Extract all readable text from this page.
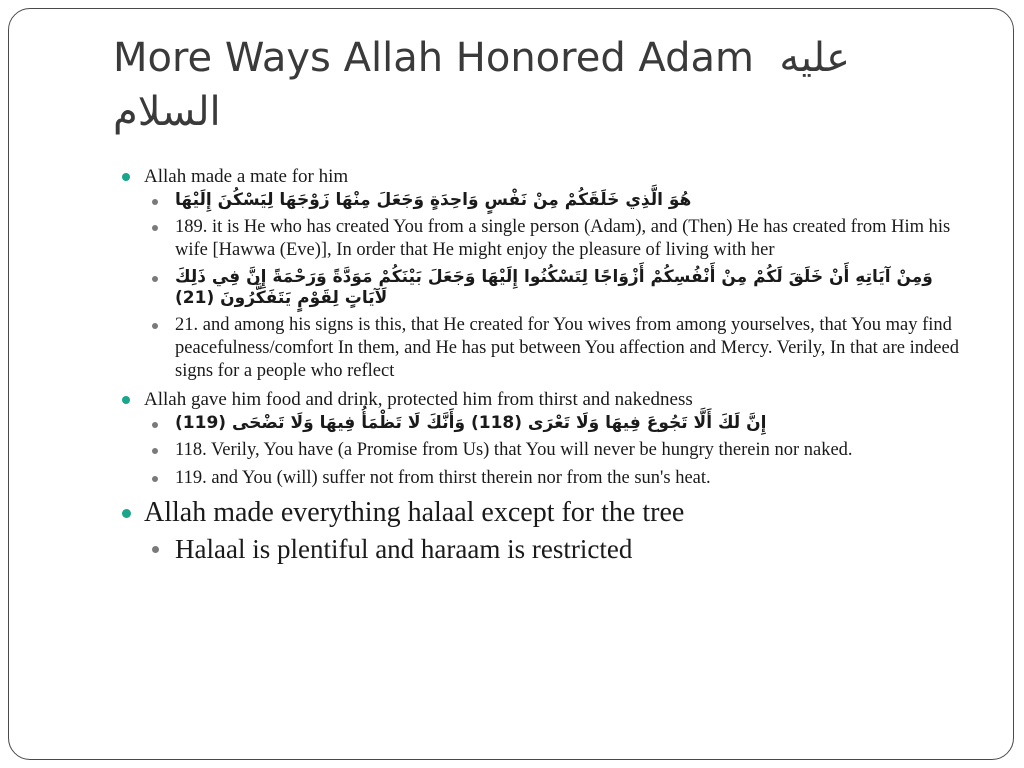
More Ways Allah Honored Adam عليه
السلام
Allah made a mate for him
هُوَ الَّذِي خَلَقَكُمْ مِنْ نَفْسٍ وَاحِدَةٍ وَجَعَلَ مِنْهَا زَوْجَهَا لِيَسْكُنَ إِلَيْهَا
189. it is He who has created You from a single person (Adam), and (Then) He has created from Him his wife [Hawwa (Eve)], In order that He might enjoy the pleasure of living with her
وَمِنْ آيَاتِهِ أَنْ خَلَقَ لَكُمْ مِنْ أَنْفُسِكُمْ أَزْوَاجًا لِتَسْكُنُوا إِلَيْهَا وَجَعَلَ بَيْنَكُمْ مَوَدَّةً وَرَحْمَةً إِنَّ فِي ذَلِكَ لَآيَاتٍ لِقَوْمٍ يَتَفَكَّرُونَ (21)
21. and among his signs is this, that He created for You wives from among yourselves, that You may find peacefulness/comfort In them, and He has put between You affection and Mercy. Verily, In that are indeed signs for a people who reflect
Allah gave him food and drink, protected him from thirst and nakedness
إِنَّ لَكَ أَلَّا تَجُوعَ فِيهَا وَلَا تَعْرَى (118) وَأَنَّكَ لَا تَظْمَأُ فِيهَا وَلَا تَضْحَى (119)
118. Verily, You have (a Promise from Us) that You will never be hungry therein nor naked.
119. and You (will) suffer not from thirst therein nor from the sun's heat.
Allah made everything halaal except for the tree
Halaal is plentiful and haraam is restricted
